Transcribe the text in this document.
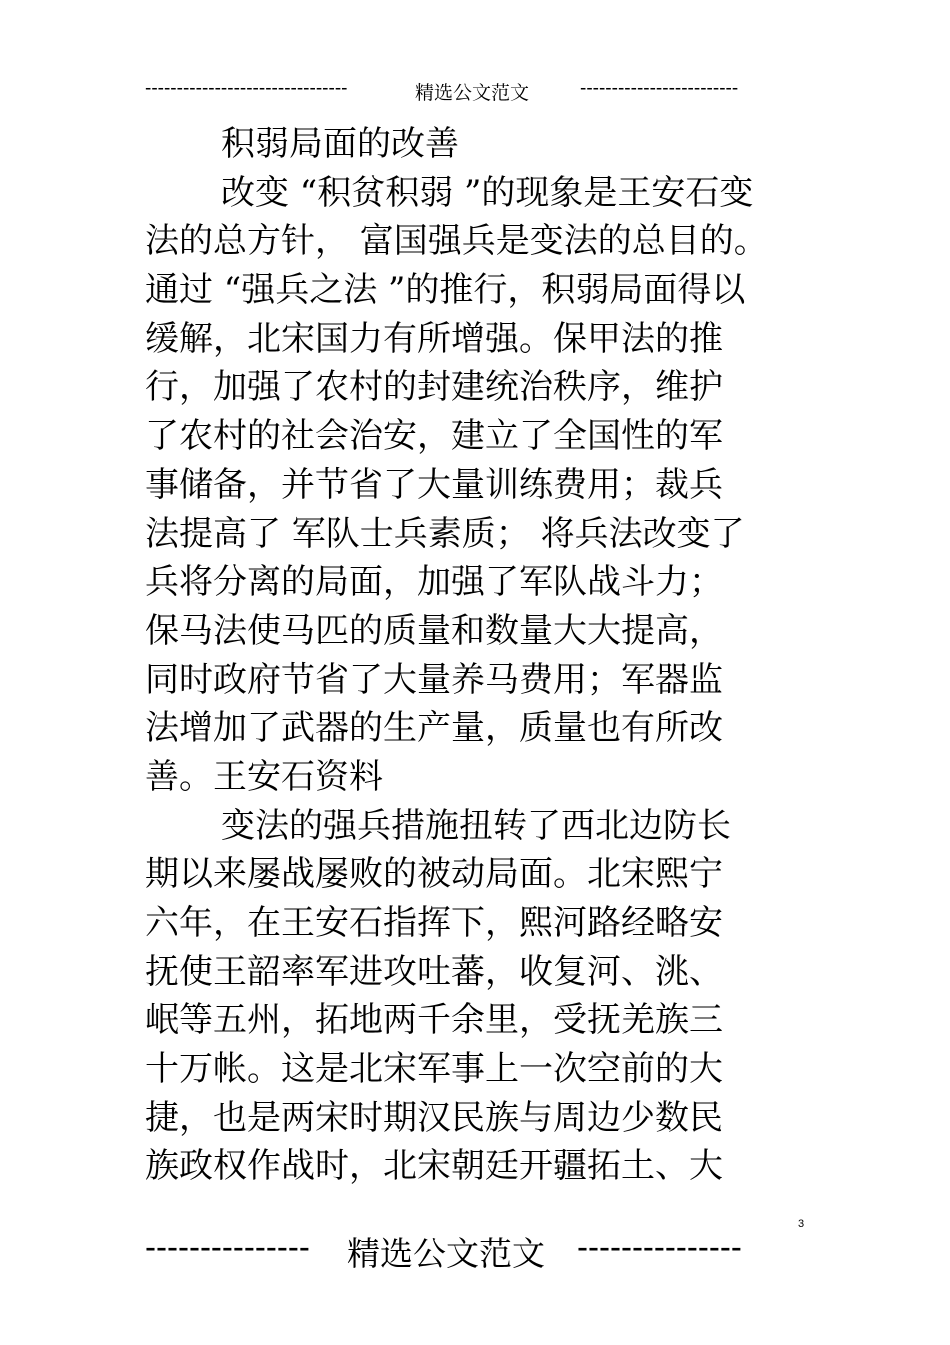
--------------------------------	精选公文范文	-------------------------
积弱局面的改善
改变 “积贫积弱 ”的现象是王安石变
法的总方针， 富国强兵是变法的总目的。
通过 “强兵之法 ”的推行，积弱局面得以
缓解，北宋国力有所增强。保甲法的推
行，加强了农村的封建统治秩序，维护
了农村的社会治安，建立了全国性的军
事储备，并节省了大量训练费用；裁兵
法提高了 军队士兵素质； 将兵法改变了
兵将分离的局面，加强了军队战斗力；
保马法使马匹的质量和数量大大提高，
同时政府节省了大量养马费用；军器监
法增加了武器的生产量，质量也有所改
善。王安石资料
变法的强兵措施扭转了西北边防长
期以来屡战屡败的被动局面。北宋熙宁
六年，在王安石指挥下，熙河路经略安
抚使王韶率军进攻吐蕃，收复河、洮、
岷等五州，拓地两千余里，受抚羌族三
十万帐。这是北宋军事上一次空前的大
捷，也是两宋时期汉民族与周边少数民
族政权作战时，北宋朝廷开疆拓土、大
3
--------------- 精选公文范文 ---------------
